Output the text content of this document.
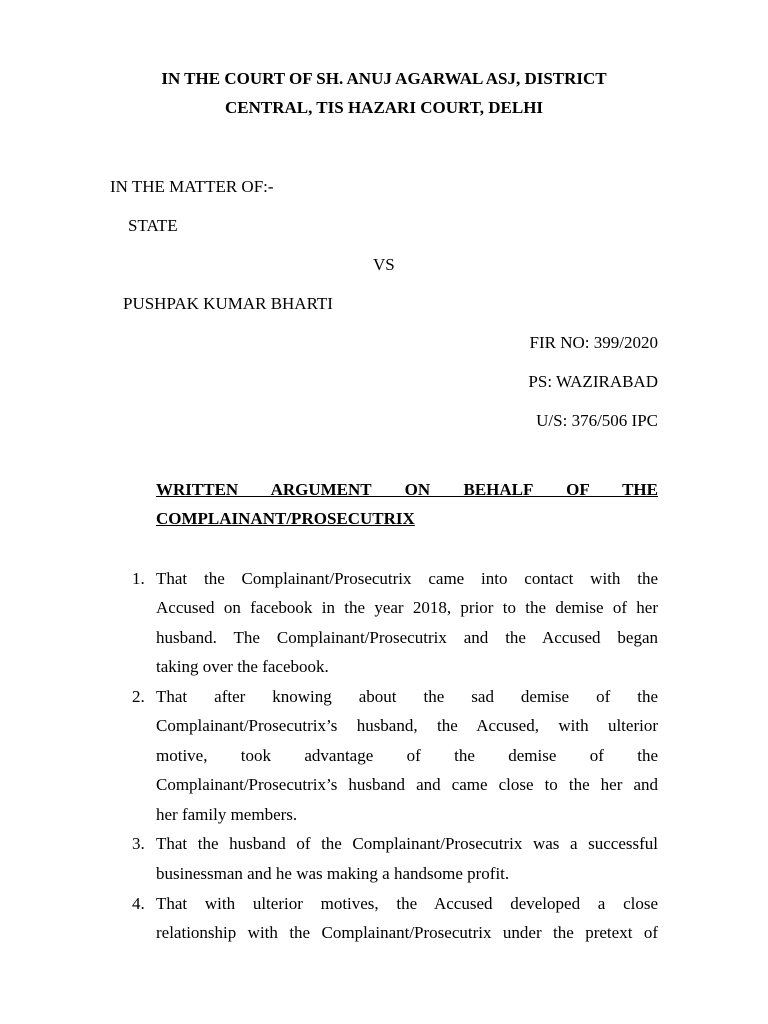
IN THE COURT OF SH. ANUJ AGARWAL ASJ, DISTRICT
CENTRAL, TIS HAZARI COURT, DELHI
IN THE MATTER OF:-
STATE
VS
PUSHPAK KUMAR BHARTI
FIR NO: 399/2020
PS: WAZIRABAD
U/S: 376/506 IPC
WRITTEN ARGUMENT ON BEHALF OF THE
COMPLAINANT/PROSECUTRIX
1. That the Complainant/Prosecutrix came into contact with the
Accused on facebook in the year 2018, prior to the demise of her
husband. The Complainant/Prosecutrix and the Accused began
taking over the facebook.
2. That after knowing about the sad demise of the
Complainant/Prosecutrix’s husband, the Accused, with ulterior
motive, took advantage of the demise of the
Complainant/Prosecutrix’s husband and came close to the her and
her family members.
3. That the husband of the Complainant/Prosecutrix was a successful
businessman and he was making a handsome profit.
4. That with ulterior motives, the Accused developed a close
relationship with the Complainant/Prosecutrix under the pretext of
